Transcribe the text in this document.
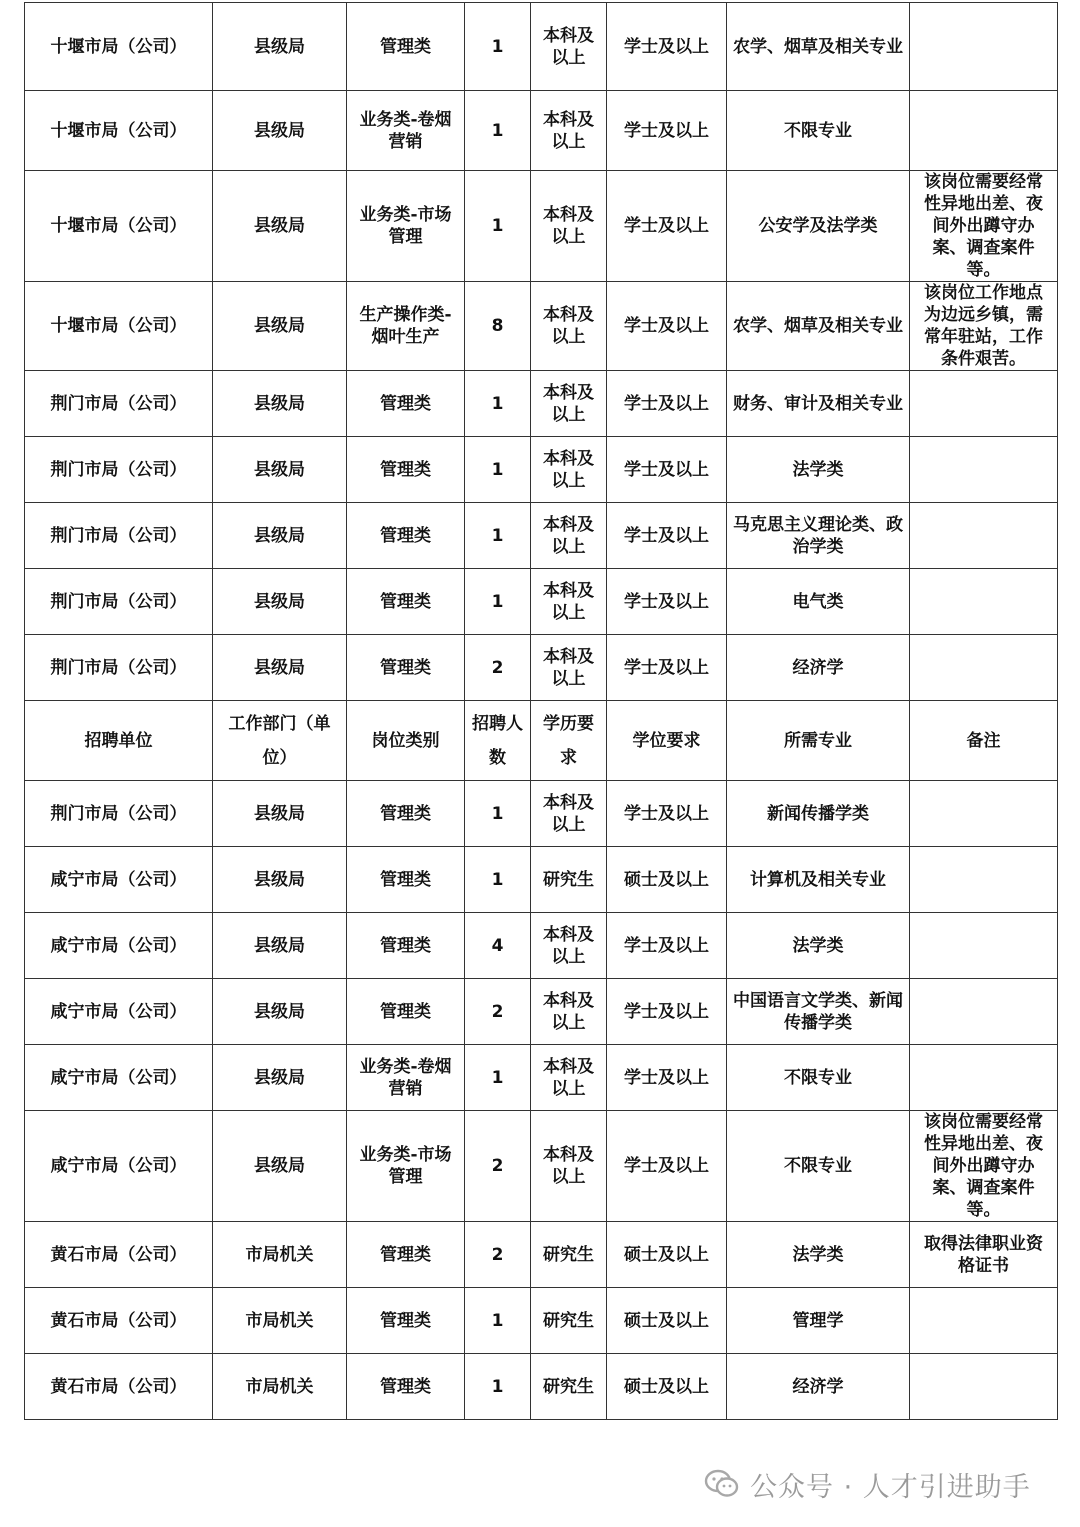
十堰市局（公司）	县级局	管理类	1	本科及以上	学士及以上	农学、烟草及相关专业	
十堰市局（公司）	县级局	业务类-卷烟营销	1	本科及以上	学士及以上	不限专业	
十堰市局（公司）	县级局	业务类-市场管理	1	本科及以上	学士及以上	公安学及法学类	该岗位需要经常性异地出差、夜间外出蹲守办案、调查案件等。
十堰市局（公司）	县级局	生产操作类-烟叶生产	8	本科及以上	学士及以上	农学、烟草及相关专业	该岗位工作地点为边远乡镇，需常年驻站，工作条件艰苦。
荆门市局（公司）	县级局	管理类	1	本科及以上	学士及以上	财务、审计及相关专业	
荆门市局（公司）	县级局	管理类	1	本科及以上	学士及以上	法学类	
荆门市局（公司）	县级局	管理类	1	本科及以上	学士及以上	马克思主义理论类、政治学类	
荆门市局（公司）	县级局	管理类	1	本科及以上	学士及以上	电气类	
荆门市局（公司）	县级局	管理类	2	本科及以上	学士及以上	经济学	
招聘单位	工作部门（单位）	岗位类别	招聘人数	学历要求	学位要求	所需专业	备注
荆门市局（公司）	县级局	管理类	1	本科及以上	学士及以上	新闻传播学类	
咸宁市局（公司）	县级局	管理类	1	研究生	硕士及以上	计算机及相关专业	
咸宁市局（公司）	县级局	管理类	4	本科及以上	学士及以上	法学类	
咸宁市局（公司）	县级局	管理类	2	本科及以上	学士及以上	中国语言文学类、新闻传播学类	
咸宁市局（公司）	县级局	业务类-卷烟营销	1	本科及以上	学士及以上	不限专业	
咸宁市局（公司）	县级局	业务类-市场管理	2	本科及以上	学士及以上	不限专业	该岗位需要经常性异地出差、夜间外出蹲守办案、调查案件等。
黄石市局（公司）	市局机关	管理类	2	研究生	硕士及以上	法学类	取得法律职业资格证书
黄石市局（公司）	市局机关	管理类	1	研究生	硕士及以上	管理学	
黄石市局（公司）	市局机关	管理类	1	研究生	硕士及以上	经济学	
公众号 · 人才引进助手
